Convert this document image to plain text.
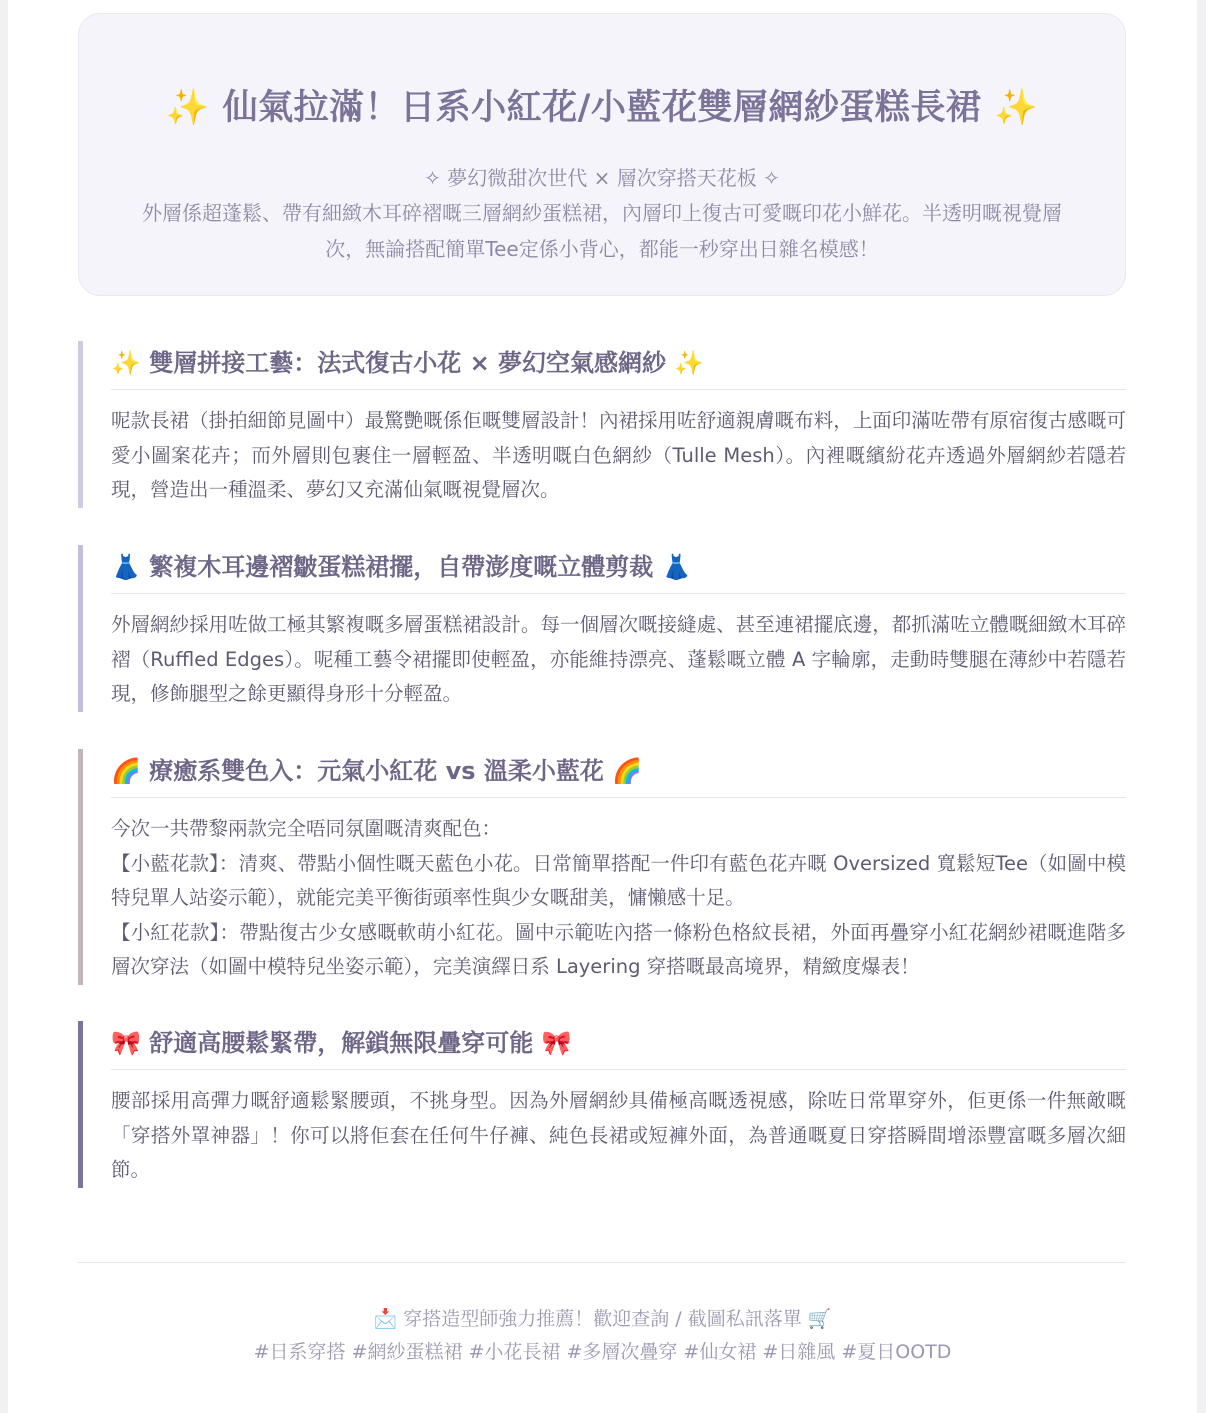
✨ 仙氣拉滿！日系小紅花/小藍花雙層網紗蛋糕長裙 ✨
✧ 夢幻微甜次世代 × 層次穿搭天花板 ✧
外層係超蓬鬆、帶有細緻木耳碎褶嘅三層網紗蛋糕裙，內層印上復古可愛嘅印花小鮮花。半透明嘅視覺層次，無論搭配簡單Tee定係小背心，都能一秒穿出日雜名模感！
✨ 雙層拼接工藝：法式復古小花 × 夢幻空氣感網紗 ✨

呢款長裙（掛拍細節見圖中）最驚艷嘅係佢嘅雙層設計！內裙採用咗舒適親膚嘅布料，上面印滿咗帶有原宿復古感嘅可愛小圖案花卉；而外層則包裹住一層輕盈、半透明嘅白色網紗（Tulle Mesh）。內裡嘅繽紛花卉透過外層網紗若隱若現，營造出一種溫柔、夢幻又充滿仙氣嘅視覺層次。

👗 繁複木耳邊褶皺蛋糕裙擺，自帶澎度嘅立體剪裁 👗

外層網紗採用咗做工極其繁複嘅多層蛋糕裙設計。每一個層次嘅接縫處、甚至連裙擺底邊，都抓滿咗立體嘅細緻木耳碎褶（Ruffled Edges）。呢種工藝令裙擺即使輕盈，亦能維持漂亮、蓬鬆嘅立體 A 字輪廓，走動時雙腿在薄紗中若隱若現，修飾腿型之餘更顯得身形十分輕盈。

🌈 療癒系雙色入：元氣小紅花 vs 溫柔小藍花 🌈

今次一共帶黎兩款完全唔同氛圍嘅清爽配色：

【小藍花款】：清爽、帶點小個性嘅天藍色小花。日常簡單搭配一件印有藍色花卉嘅 Oversized 寬鬆短Tee（如圖中模特兒單人站姿示範），就能完美平衡街頭率性與少女嘅甜美，慵懶感十足。

【小紅花款】：帶點復古少女感嘅軟萌小紅花。圖中示範咗內搭一條粉色格紋長裙，外面再疊穿小紅花網紗裙嘅進階多層次穿法（如圖中模特兒坐姿示範），完美演繹日系 Layering 穿搭嘅最高境界，精緻度爆表！

🎀 舒適高腰鬆緊帶，解鎖無限疊穿可能 🎀

腰部採用高彈力嘅舒適鬆緊腰頭，不挑身型。因為外層網紗具備極高嘅透視感，除咗日常單穿外，佢更係一件無敵嘅「穿搭外罩神器」！你可以將佢套在任何牛仔褲、純色長裙或短褲外面，為普通嘅夏日穿搭瞬間增添豐富嘅多層次細節。

📩 穿搭造型師強力推薦！歡迎查詢 / 截圖私訊落單 🛒
#日系穿搭 #網紗蛋糕裙 #小花長裙 #多層次疊穿 #仙女裙 #日雜風 #夏日OOTD
